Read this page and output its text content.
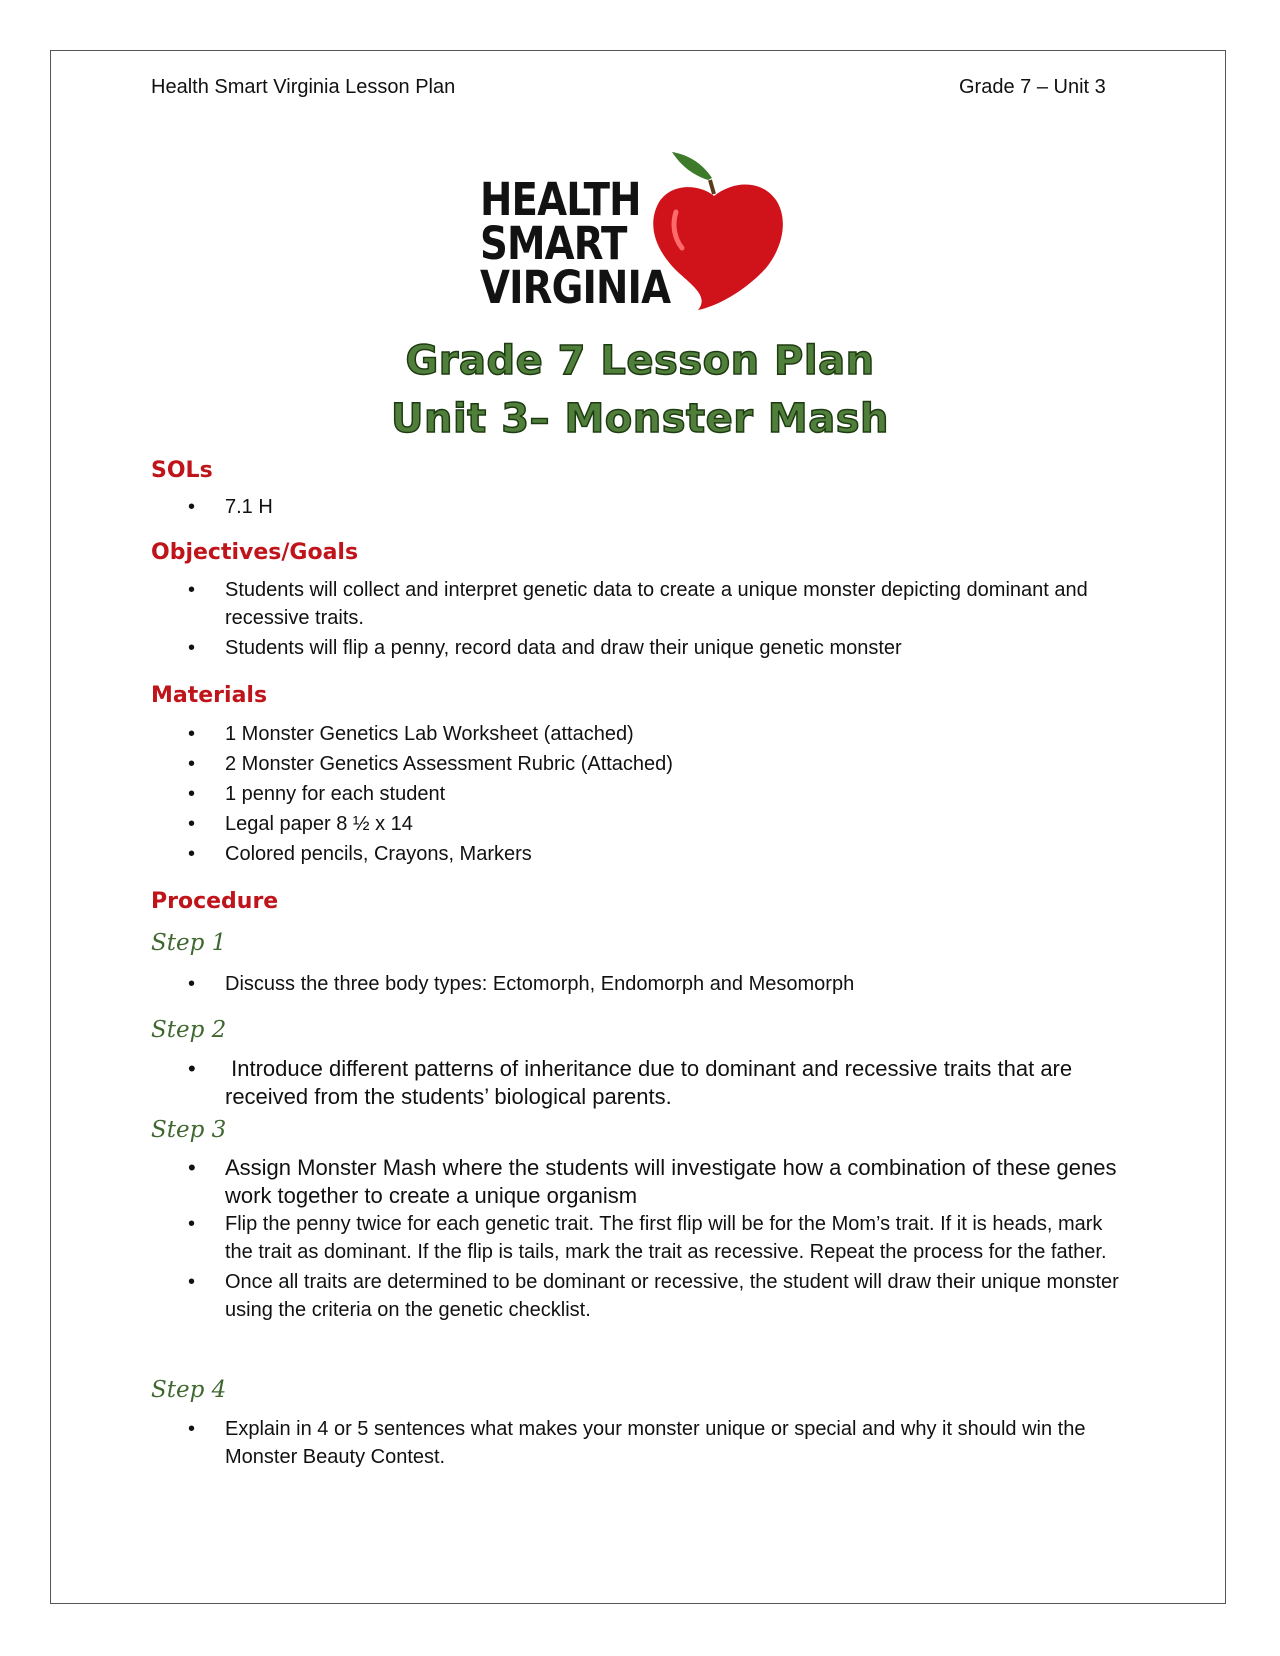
Health Smart Virginia Lesson Plan	Grade 7 – Unit 3
HEALTH
SMART
VIRGINIA
Grade 7 Lesson Plan
Unit 3– Monster Mash
SOLs
• 7.1 H
Objectives/Goals
• Students will collect and interpret genetic data to create a unique monster depicting dominant and recessive traits.
• Students will flip a penny, record data and draw their unique genetic monster
Materials
• 1 Monster Genetics Lab Worksheet (attached)
• 2 Monster Genetics Assessment Rubric (Attached)
• 1 penny for each student
• Legal paper 8 ½ x 14
• Colored pencils, Crayons, Markers
Procedure
Step 1
• Discuss the three body types: Ectomorph, Endomorph and Mesomorph
Step 2
• Introduce different patterns of inheritance due to dominant and recessive traits that are received from the students’ biological parents.
Step 3
• Assign Monster Mash where the students will investigate how a combination of these genes work together to create a unique organism
• Flip the penny twice for each genetic trait. The first flip will be for the Mom’s trait. If it is heads, mark the trait as dominant. If the flip is tails, mark the trait as recessive. Repeat the process for the father.
• Once all traits are determined to be dominant or recessive, the student will draw their unique monster using the criteria on the genetic checklist.
Step 4
• Explain in 4 or 5 sentences what makes your monster unique or special and why it should win the Monster Beauty Contest.
